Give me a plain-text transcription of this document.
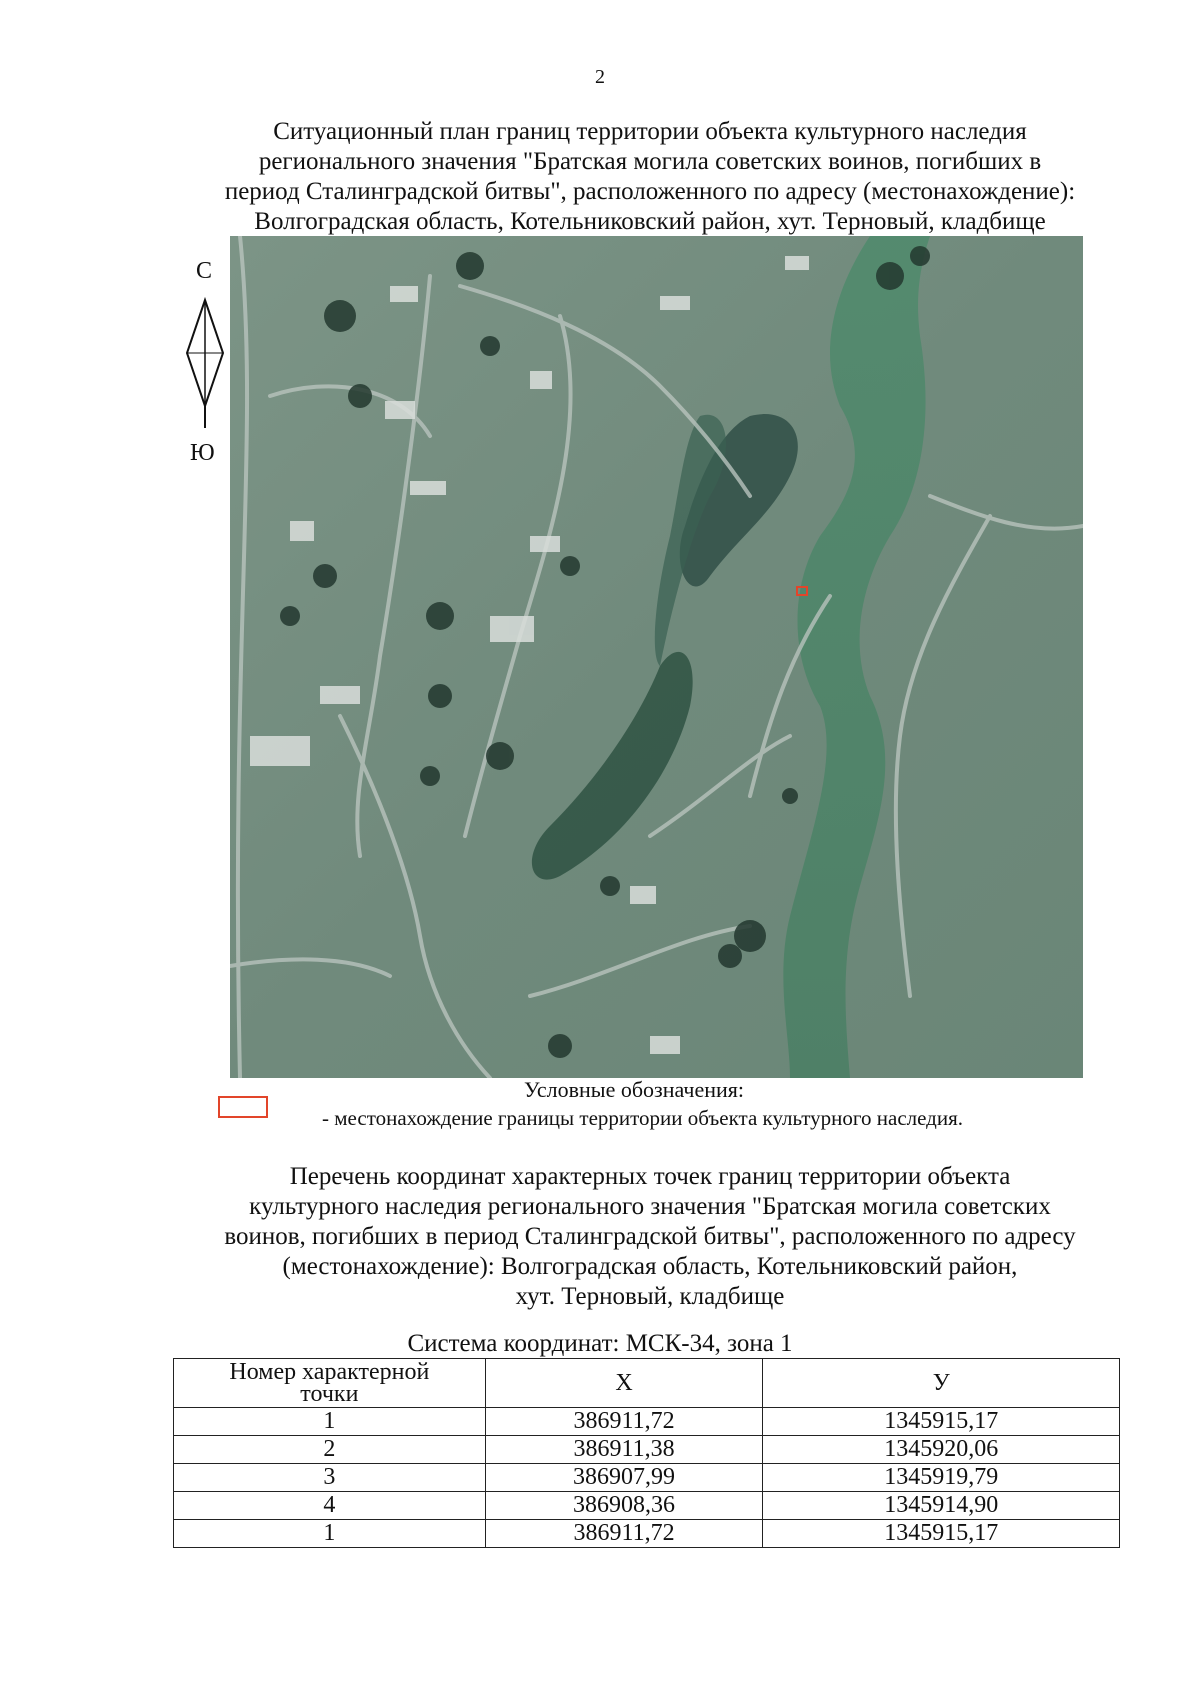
2
Ситуационный план границ территории объекта культурного наследия
регионального значения "Братская могила советских воинов, погибших в
период Сталинградской битвы", расположенного по адресу (местонахождение):
Волгоградская область, Котельниковский район, хут. Терновый, кладбище
С
Ю
Условные обозначения:
- местонахождение границы территории объекта культурного наследия.
Перечень координат характерных точек границ территории объекта
культурного наследия регионального значения "Братская могила советских
воинов, погибших в период Сталинградской битвы", расположенного по адресу
(местонахождение): Волгоградская область, Котельниковский район,
хут. Терновый, кладбище
Система координат: МСК-34, зона 1
Номер характерной
точки	Х	У
1	386911,72	1345915,17
2	386911,38	1345920,06
3	386907,99	1345919,79
4	386908,36	1345914,90
1	386911,72	1345915,17
